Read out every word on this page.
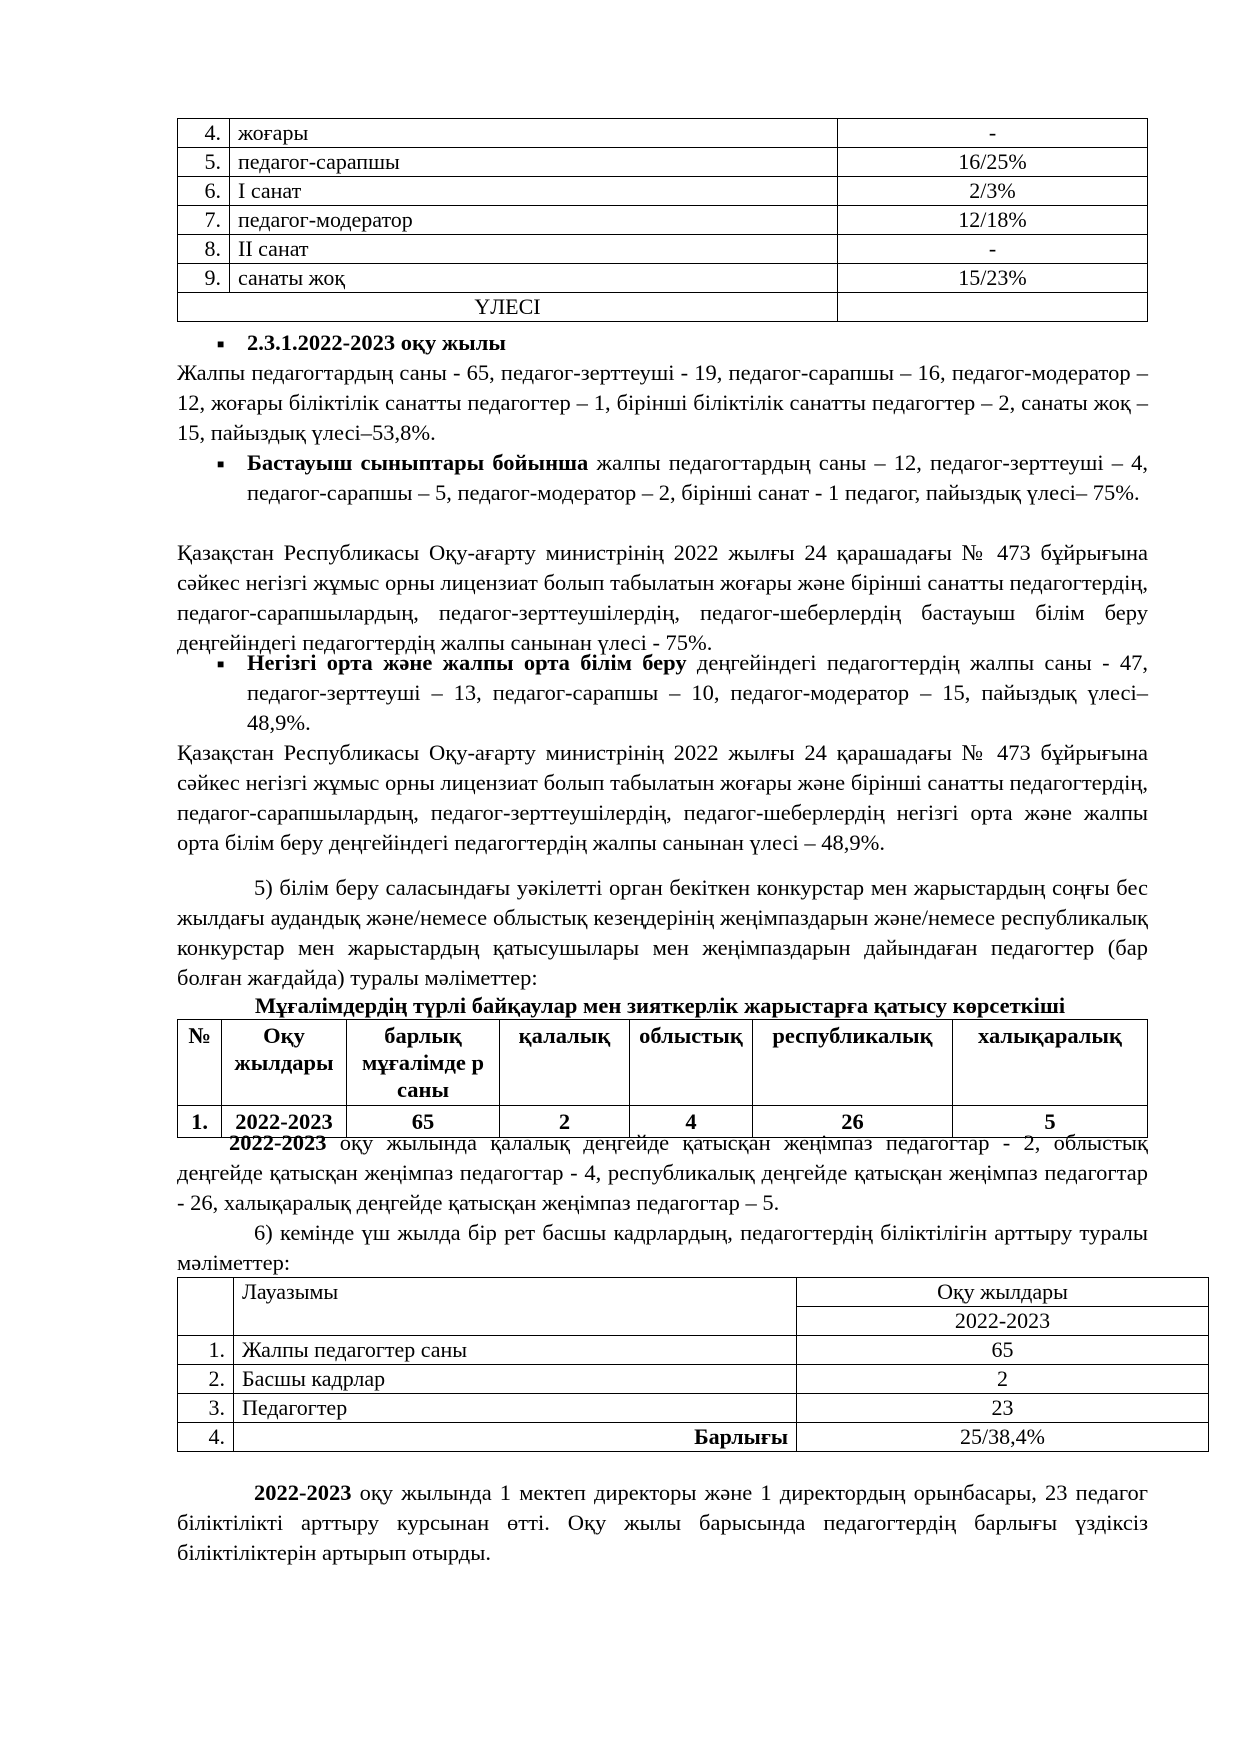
4.	жоғары	-
5.	педагог-сарапшы	16/25%
6.	I санат	2/3%
7.	педагог-модератор	12/18%
8.	II санат	-
9.	санаты жоқ	15/23%
ҮЛЕСІ		
■ 2.3.1.2022-2023 оқу жылы

Жалпы педагогтардың саны - 65, педагог-зерттеуші - 19, педагог-сарапшы – 16, педагог-модератор – 12, жоғары біліктілік санатты педагогтер – 1, бірінші біліктілік санатты педагогтер – 2, санаты жоқ – 15, пайыздық үлесі–53,8%.

■ Бастауыш сыныптары бойынша жалпы педагогтардың саны – 12, педагог-зерттеуші – 4, педагог-сарапшы – 5, педагог-модератор – 2, бірінші санат - 1 педагог, пайыздық үлесі– 75%.

Қазақстан Республикасы Оқу-ағарту министрінің 2022 жылғы 24 қарашадағы № 473 бұйрығына сәйкес негізгі жұмыс орны лицензиат болып табылатын жоғары және бірінші санатты педагогтердің, педагог-сарапшылардың, педагог-зерттеушілердің, педагог-шеберлердің бастауыш білім беру деңгейіндегі педагогтердің жалпы санынан үлесі - 75%.

■ Негізгі орта және жалпы орта білім беру деңгейіндегі педагогтердің жалпы саны - 47, педагог-зерттеуші – 13, педагог-сарапшы – 10, педагог-модератор – 15, пайыздық үлесі– 48,9%.

Қазақстан Республикасы Оқу-ағарту министрінің 2022 жылғы 24 қарашадағы № 473 бұйрығына сәйкес негізгі жұмыс орны лицензиат болып табылатын жоғары және бірінші санатты педагогтердің, педагог-сарапшылардың, педагог-зерттеушілердің, педагог-шеберлердің негізгі орта және жалпы орта білім беру деңгейіндегі педагогтердің жалпы санынан үлесі – 48,9%.

5) білім беру саласындағы уәкілетті орган бекіткен конкурстар мен жарыстардың соңғы бес жылдағы аудандық және/немесе облыстық кезеңдерінің жеңімпаздарын және/немесе республикалық конкурстар мен жарыстардың қатысушылары мен жеңімпаздарын дайындаған педагогтер (бар болған жағдайда) туралы мәліметтер:

Мұғалімдердің түрлі байқаулар мен зияткерлік жарыстарға қатысу көрсеткіші
№	Оқу жылдары	барлық мұғалімде р саны	қалалық	облыстық	республикалық	халықаралық
1.	2022-2023	65	2	4	26	5

2022-2023 оқу жылында қалалық деңгейде қатысқан жеңімпаз педагогтар - 2, облыстық деңгейде қатысқан жеңімпаз педагогтар - 4, республикалық деңгейде қатысқан жеңімпаз педагогтар - 26, халықаралық деңгейде қатысқан жеңімпаз педагогтар – 5.

6) кемінде үш жылда бір рет басшы кадрлардың, педагогтердің біліктілігін арттыру туралы мәліметтер:

	Лауазымы	Оқу жылдары
		2022-2023
1.	Жалпы педагогтер саны	65
2.	Басшы кадрлар	2
3.	Педагогтер	23
4.	Барлығы	25/38,4%

2022-2023 оқу жылында 1 мектеп директоры және 1 директордың орынбасары, 23 педагог біліктілікті арттыру курсынан өтті. Оқу жылы барысында педагогтердің барлығы үздіксіз біліктіліктерін артырып отырды.
